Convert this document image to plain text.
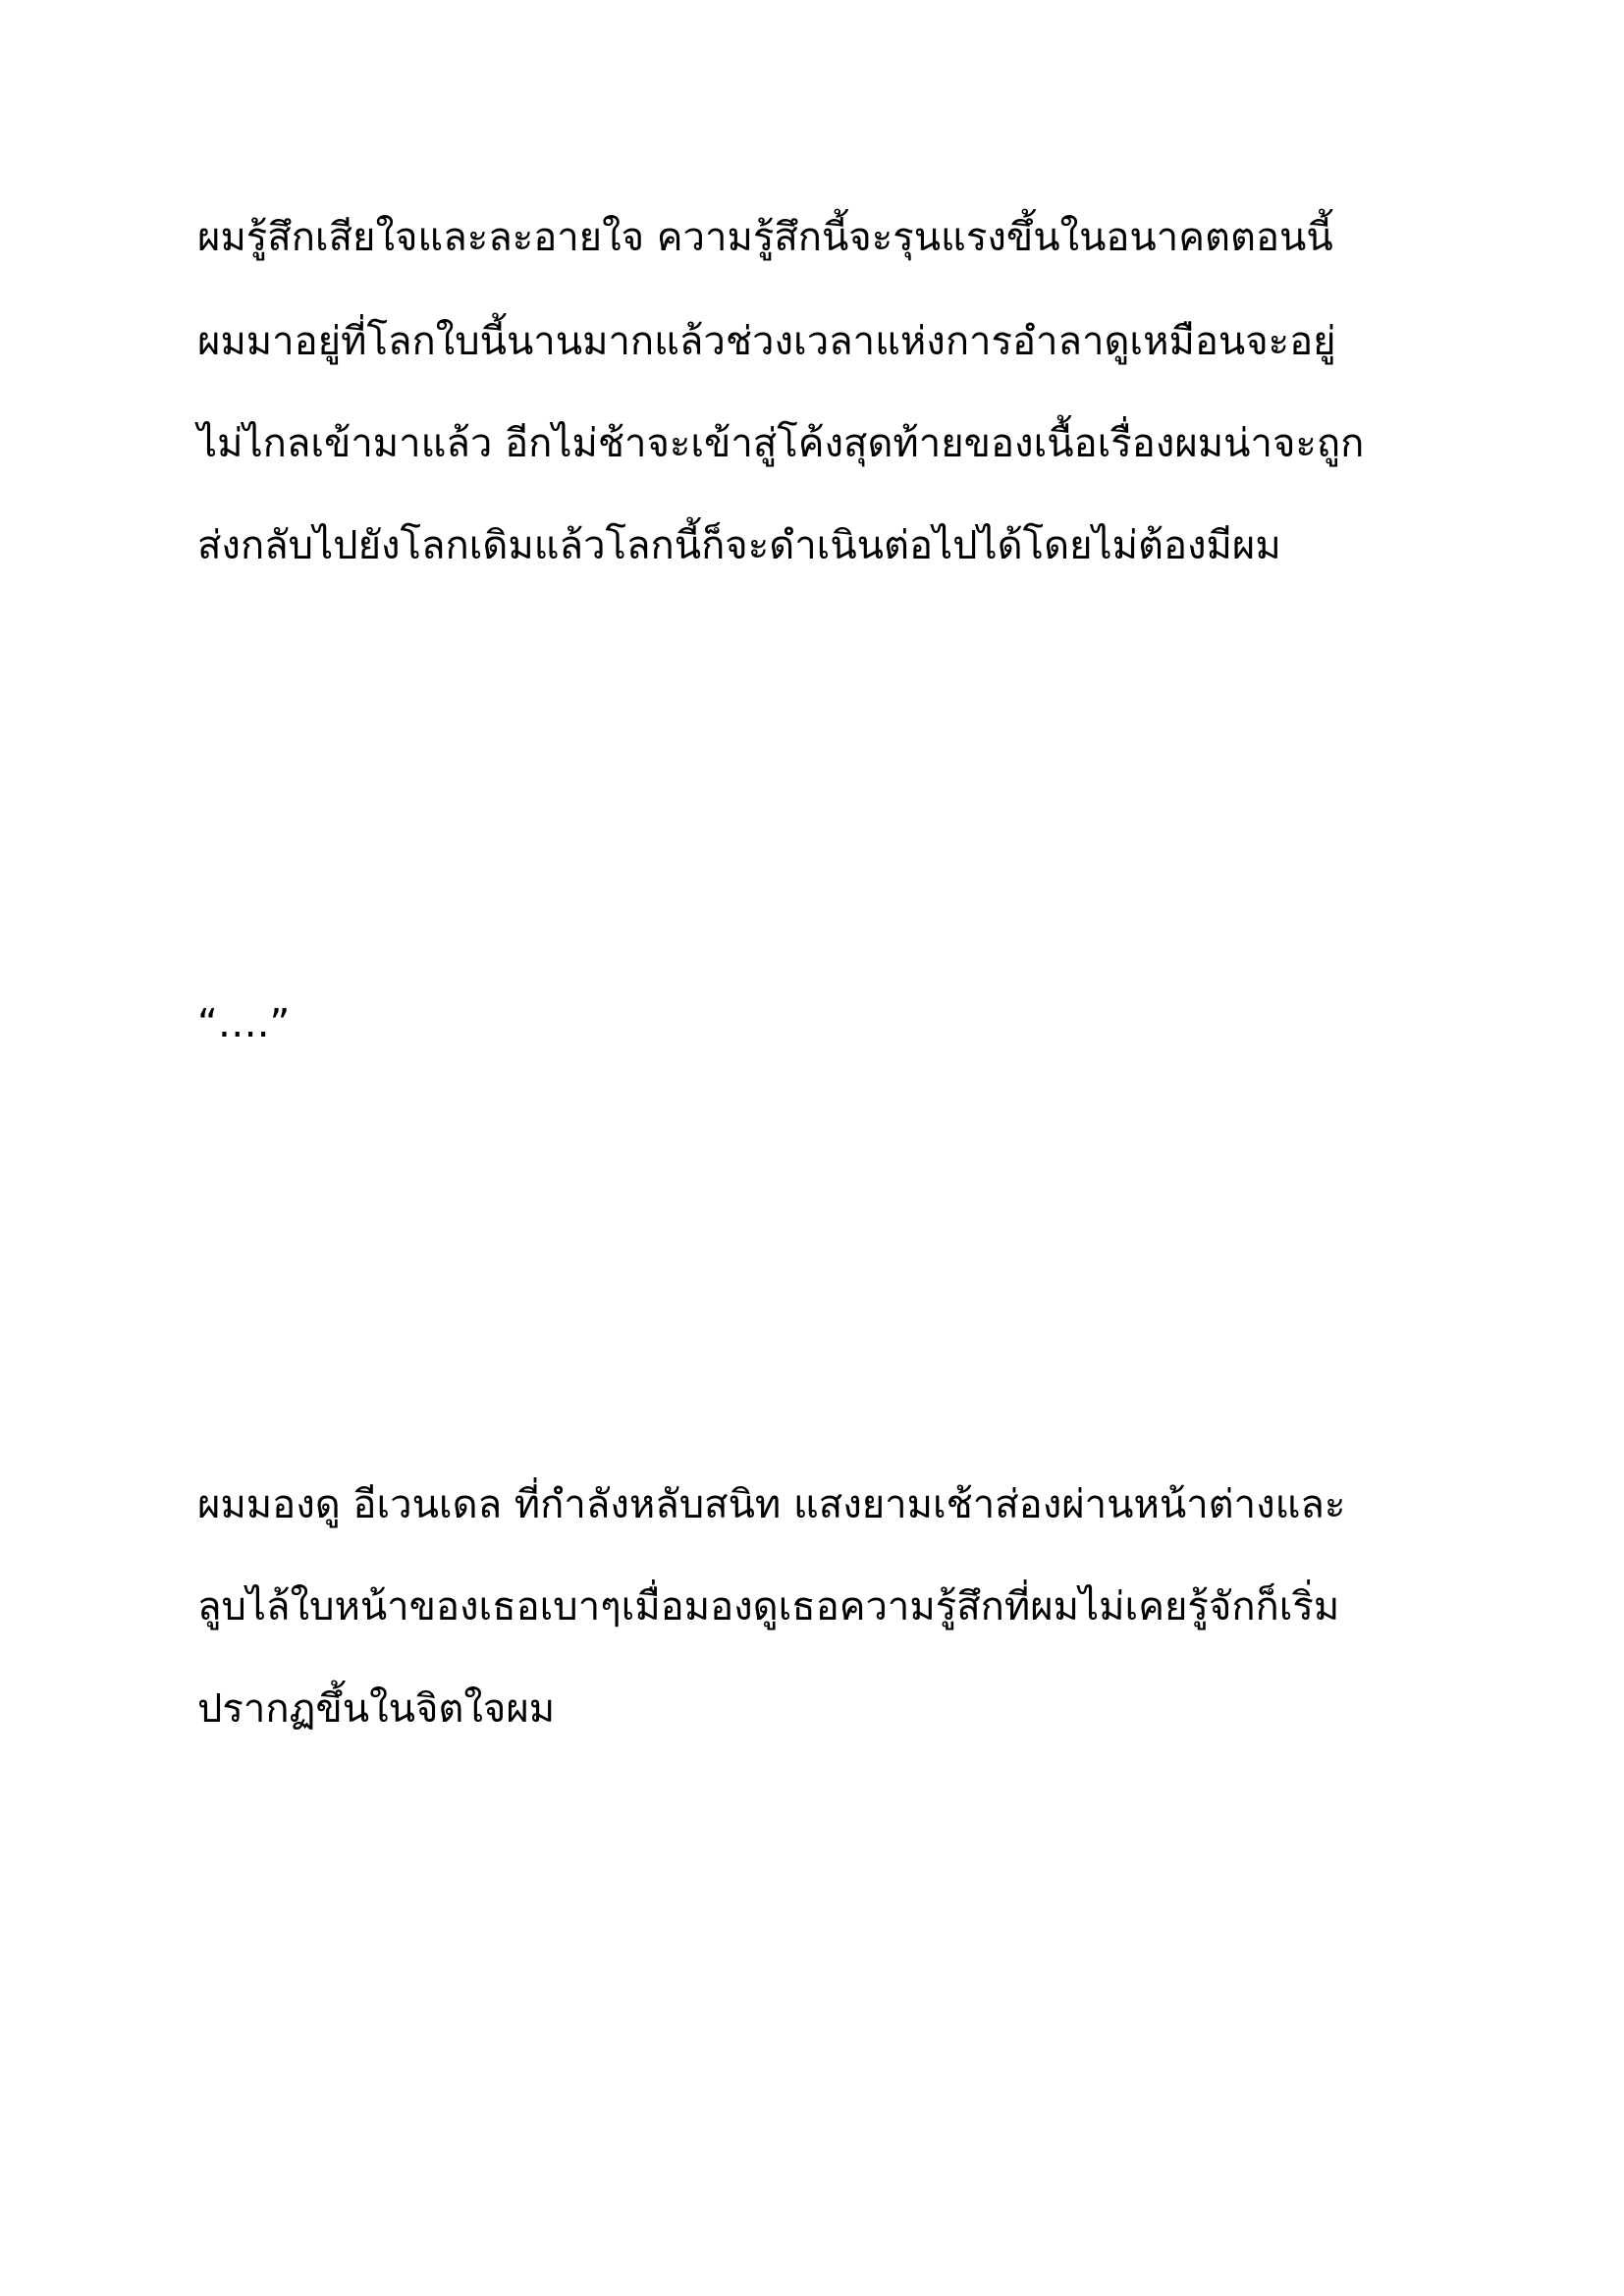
ผมรู้สึกเสียใจและละอายใจ ความรู้สึกนี้จะรุนแรงขึ้นในอนาคตตอนนี้
ผมมาอยู่ที่โลกใบนี้นานมากแล้วช่วงเวลาแห่งการอำลาดูเหมือนจะอยู่
ไม่ไกลเข้ามาแล้ว อีกไม่ช้าจะเข้าสู่โค้งสุดท้ายของเนื้อเรื่องผมน่าจะถูก
ส่งกลับไปยังโลกเดิมแล้วโลกนี้ก็จะดำเนินต่อไปได้โดยไม่ต้องมีผม
“….”
ผมมองดู อีเวนเดล ที่กำลังหลับสนิท แสงยามเช้าส่องผ่านหน้าต่างและ
ลูบไล้ใบหน้าของเธอเบาๆเมื่อมองดูเธอความรู้สึกที่ผมไม่เคยรู้จักก็เริ่ม
ปรากฏขึ้นในจิตใจผม
